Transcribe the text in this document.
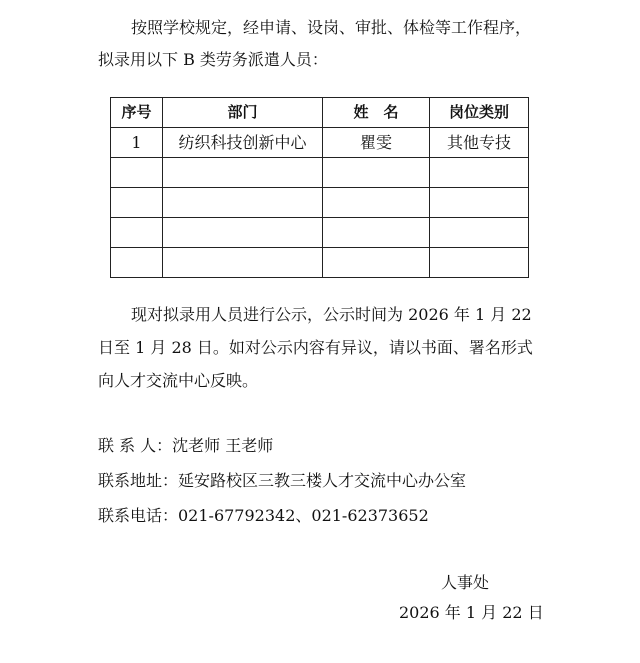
按照学校规定，经申请、设岗、审批、体检等工作程序，
拟录用以下 B 类劳务派遣人员：
序号	部门	姓　名	岗位类别
1	纺织科技创新中心	瞿雯	其他专技

现对拟录用人员进行公示，公示时间为 2026 年 1 月 22
日至 1 月 28 日。如对公示内容有异议，请以书面、署名形式
向人才交流中心反映。
联 系 人：沈老师 王老师
联系地址：延安路校区三教三楼人才交流中心办公室
联系电话：021-67792342、021-62373652
人事处
2026 年 1 月 22 日
